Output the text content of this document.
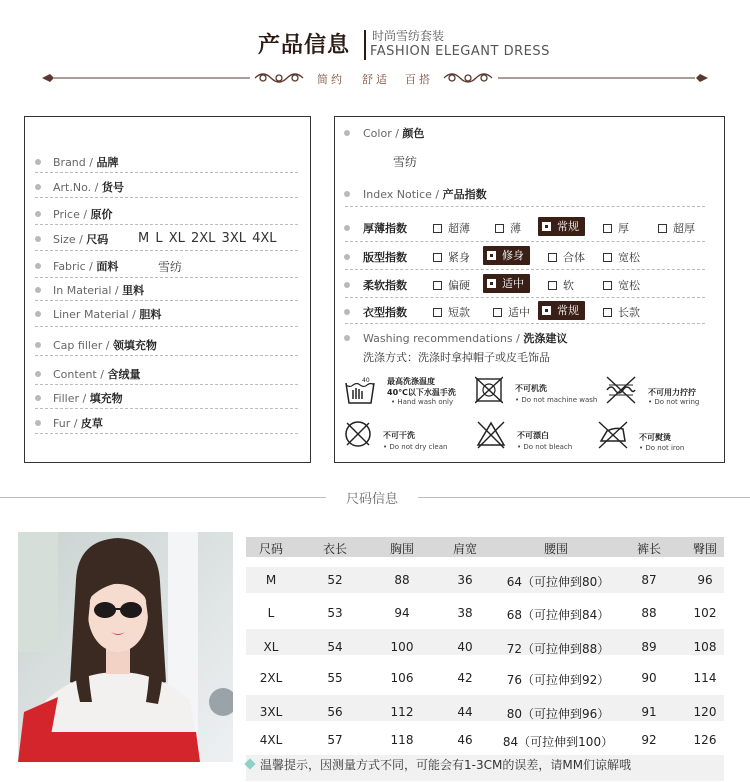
产品信息 时尚雪纺套装
FASHION ELEGANT DRESS
简约 舒适 百搭
Brand / 品牌
Art.No. / 货号
Price / 原价
Size / 尺码 M L XL 2XL 3XL 4XL
Fabric / 面料	雪纺
In Material / 里料
Liner Material / 胆料
Cap filler / 领填充物
Content / 含绒量
Filler / 填充物
Fur / 皮草
Color / 颜色
雪纺
Index Notice / 产品指数
厚薄指数	超薄	薄	常规	厚	超厚
版型指数	紧身	修身	合体	宽松
柔软指数	偏硬	适中	软	宽松
衣型指数	短款	适中	常规	长款
Washing recommendations / 洗涤建议
洗涤方式：洗涤时拿掉帽子或皮毛饰品
40 最高洗涤温度
40℃以下水温手洗
• Hand wash only
不可机洗
• Do not machine wash
不可用力拧拧
• Do not wring
不可干洗
• Do not dry clean
不可漂白
• Do not bleach
不可熨烫
• Do not iron
尺码信息
尺码	衣长	胸围	肩宽	腰围	裤长	臀围
M	52	88	36	64（可拉伸到80）	87	96
L	53	94	38	68（可拉伸到84）	88	102
XL	54	100	40	72（可拉伸到88）	89	108
2XL	55	106	42	76（可拉伸到92）	90	114
3XL	56	112	44	80（可拉伸到96）	91	120
4XL	57	118	46	84（可拉伸到100）	92	126
温馨提示，因测量方式不同，可能会有1-3CM的误差，请MM们谅解哦
